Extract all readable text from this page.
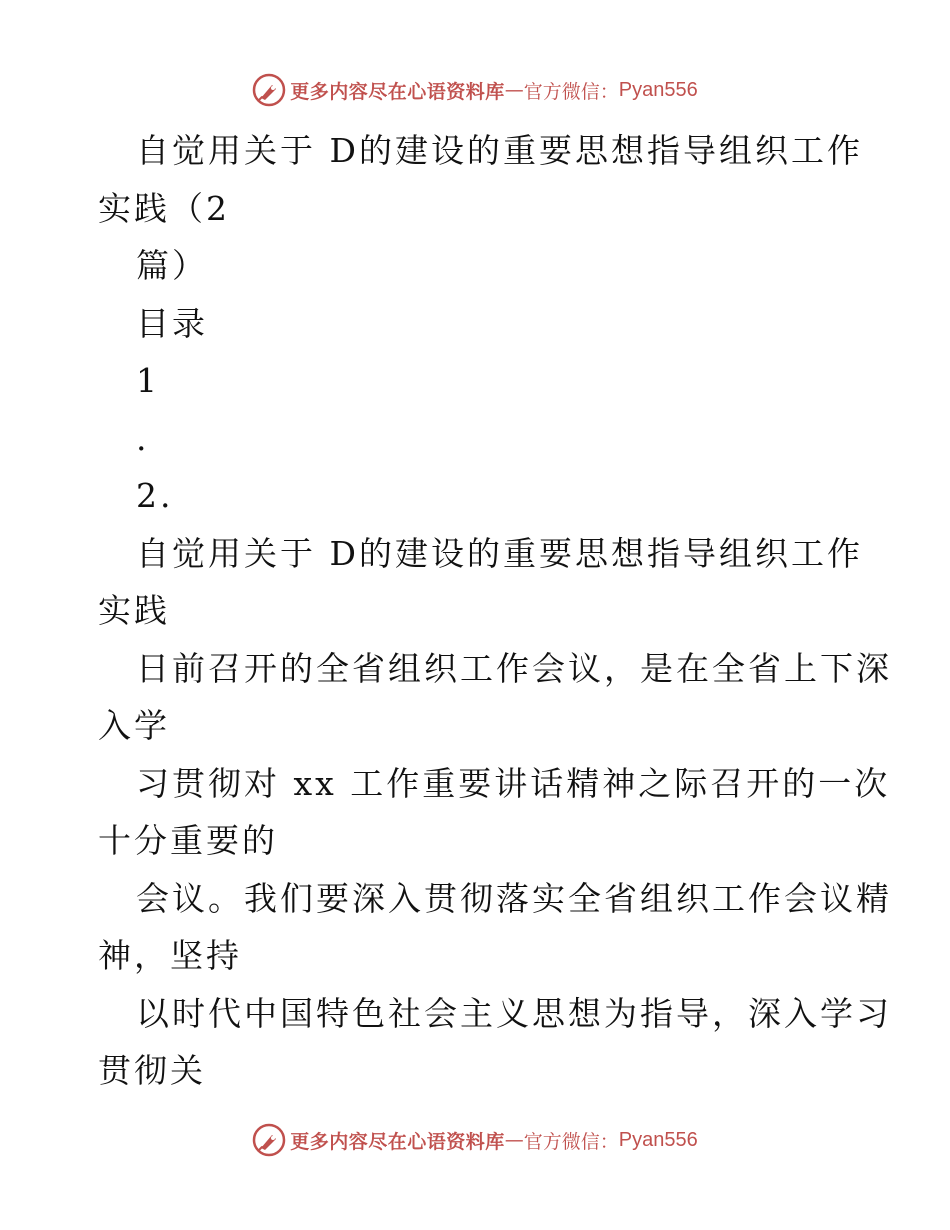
更多内容尽在心语资料库 — 官方微信： Pyan556
自觉用关于 D的建设的重要思想指导组织工作
实践（2
篇）
目录
1
.
2.
自觉用关于 D的建设的重要思想指导组织工作
实践
日前召开的全省组织工作会议，是在全省上下深
入学
习贯彻对 xx 工作重要讲话精神之际召开的一次
十分重要的
会议。我们要深入贯彻落实全省组织工作会议精
神，坚持
以时代中国特色社会主义思想为指导，深入学习
贯彻关
更多内容尽在心语资料库 — 官方微信： Pyan556
